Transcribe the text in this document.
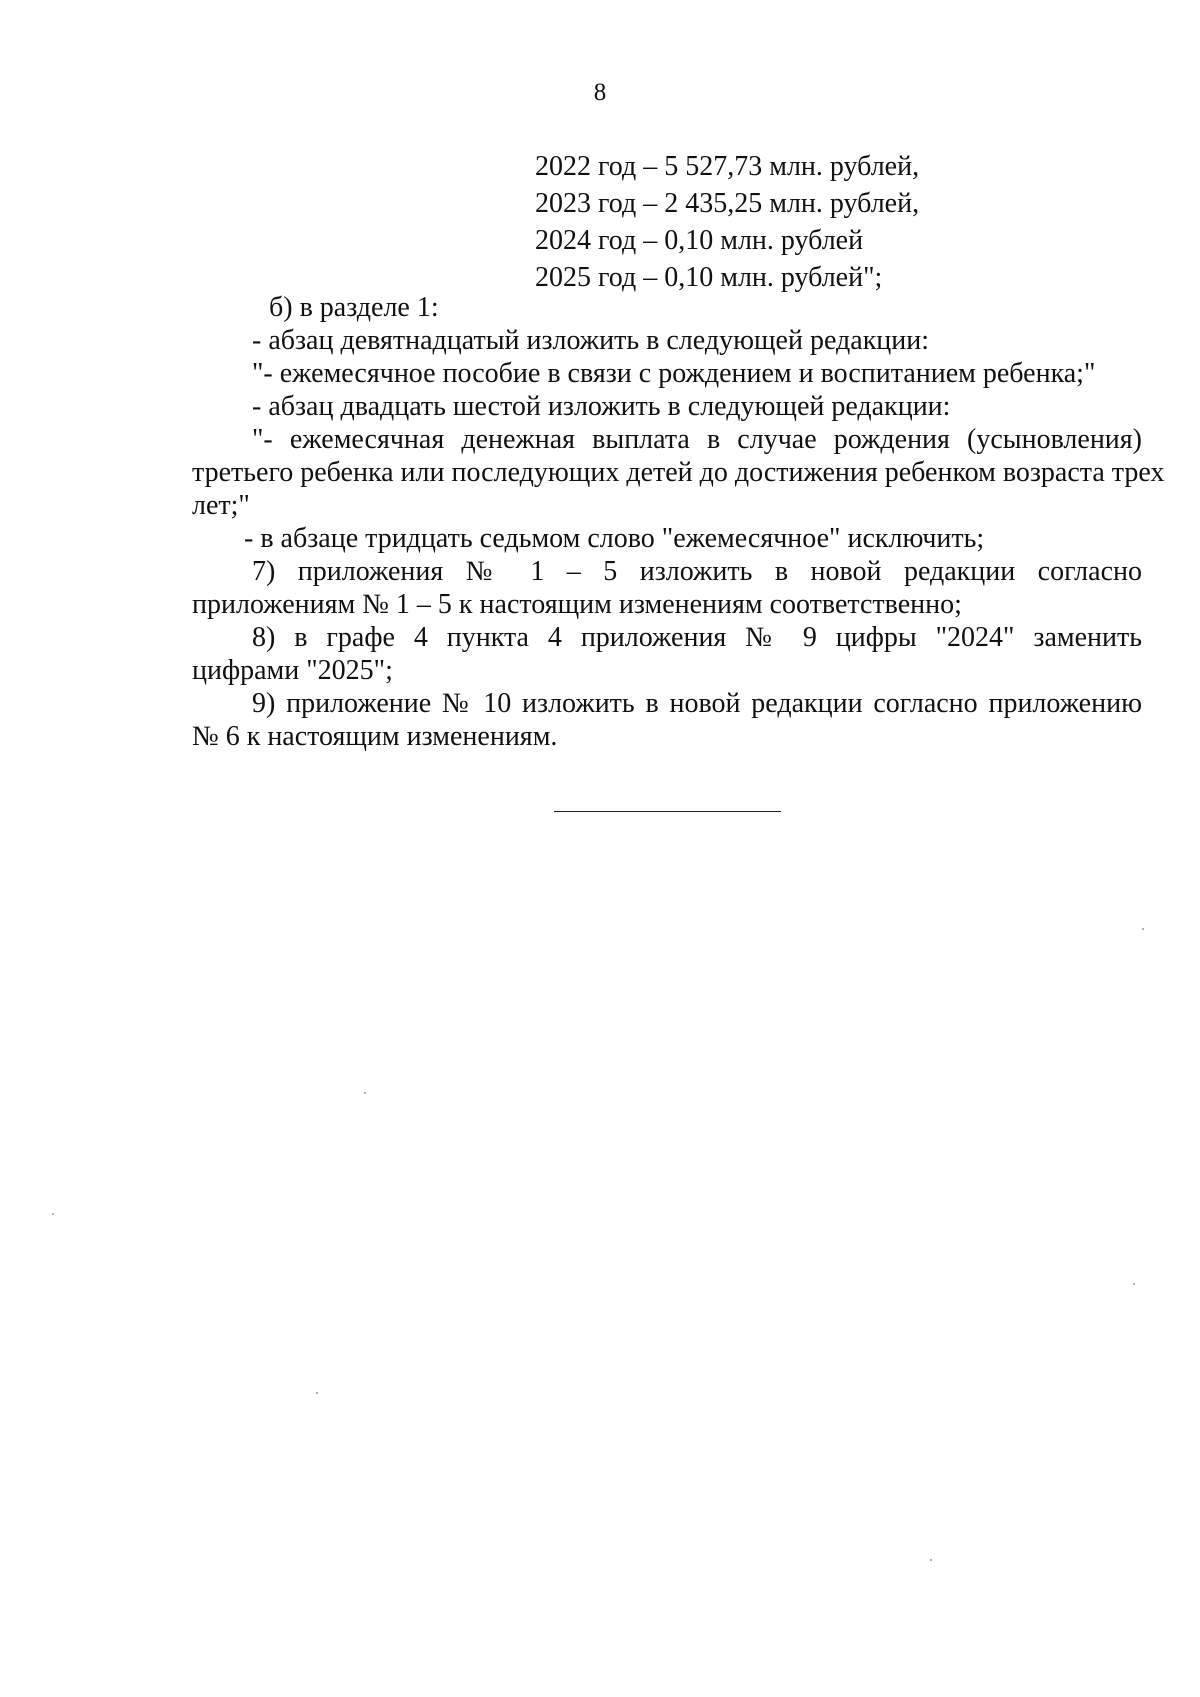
8
2022 год – 5 527,73 млн. рублей,
2023 год – 2 435,25 млн. рублей,
2024 год – 0,10 млн. рублей
2025 год – 0,10 млн. рублей";

б) в разделе 1:

- абзац девятнадцатый изложить в следующей редакции:

"- ежемесячное пособие в связи с рождением и воспитанием ребенка;"

- абзац двадцать шестой изложить в следующей редакции:

"- ежемесячная денежная выплата в случае рождения (усыновления)

третьего ребенка или последующих детей до достижения ребенком возраста трех

лет;"

- в абзаце тридцать седьмом слово "ежемесячное" исключить;

7) приложения № 1 – 5 изложить в новой редакции согласно

приложениям № 1 – 5 к настоящим изменениям соответственно;

8) в графе 4 пункта 4 приложения № 9 цифры "2024" заменить

цифрами "2025";

9) приложение № 10 изложить в новой редакции согласно приложению

№ 6 к настоящим изменениям.
